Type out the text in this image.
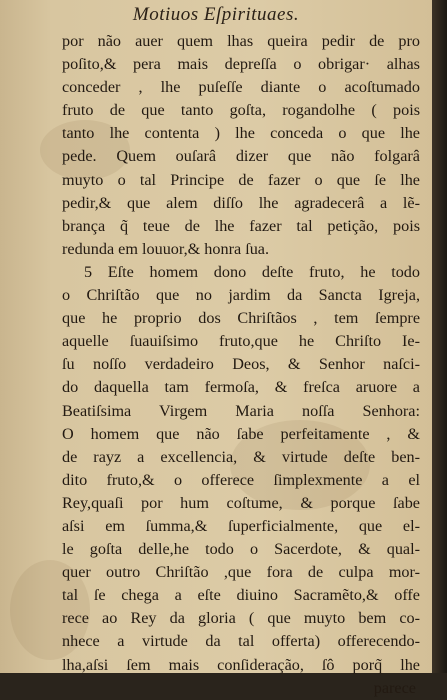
Motiuos Eſpirituaes.
por não auer quem lhas queira pedir de pro
poſito,& pera mais depreſſa o obrigar· alhas
conceder , lhe puſeſſe diante o acoſtumado
fruto de que tanto goſta, rogandolhe ( pois
tanto lhe contenta ) lhe conceda o que lhe
pede. Quem ouſarâ dizer que não folgarâ
muyto o tal Principe de fazer o que ſe lhe
pedir,& que alem diſſo lhe agradecerâ a lẽ-
brança q̃ teue de lhe fazer tal petição, pois
redunda em louuor,& honra ſua.
5 Eſte homem dono deſte fruto, he todo
o Chriſtão que no jardim da Sancta Igreja,
que he proprio dos Chriſtãos , tem ſempre
aquelle ſuauiſsimo fruto,que he Chriſto Ie-
ſu noſſo verdadeiro Deos, & Senhor naſci-
do daquella tam fermoſa, & freſca aruore a
Beatiſsima Virgem Maria noſſa Senhora:
O homem que não ſabe perfeitamente , &
de rayz a excellencia, & virtude deſte ben-
dito fruto,& o offerece ſimplexmente a el
Rey,quaſi por hum coſtume, & porque ſabe
aſsi em ſumma,& ſuperficialmente, que el-
le goſta delle,he todo o Sacerdote, & qual-
quer outro Chriſtão ,que fora de culpa mor-
tal ſe chega a eſte diuino Sacramẽto,& offe
rece ao Rey da gloria ( que muyto bem co-
nhece a virtude da tal offerta) offerecendo-
lha,aſsi ſem mais conſideração, ſô porq̃ lhe
parece
